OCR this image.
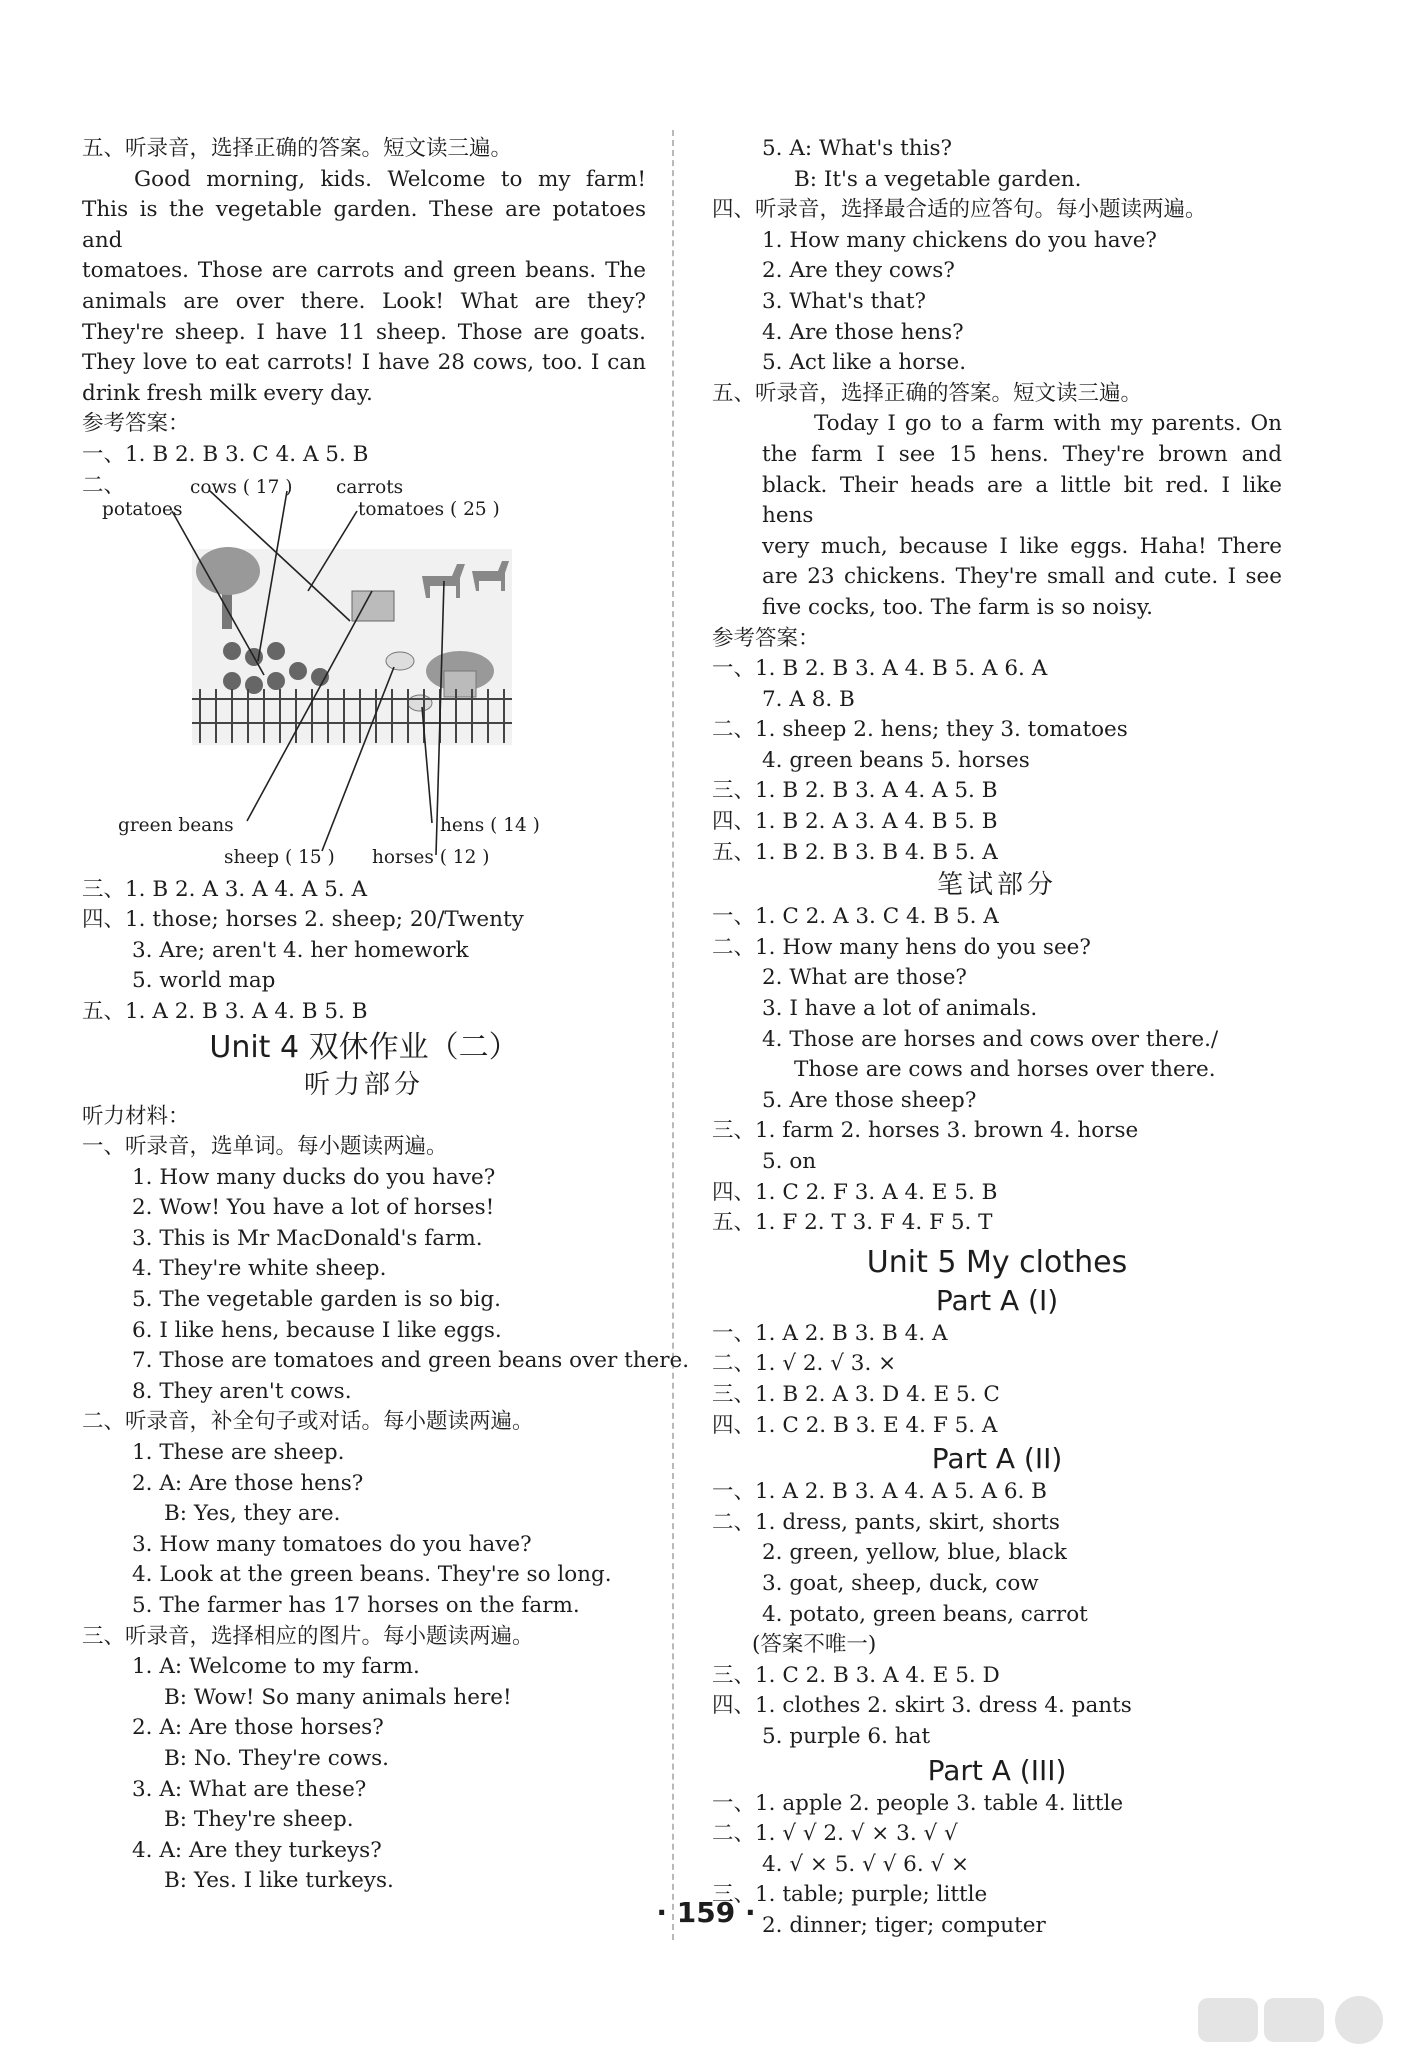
五、听录音，选择正确的答案。短文读三遍。
Good morning, kids. Welcome to my farm!
This is the vegetable garden. These are potatoes and
tomatoes. Those are carrots and green beans. The
animals are over there. Look! What are they?
They're sheep. I have 11 sheep. Those are goats.
They love to eat carrots! I have 28 cows, too. I can
drink fresh milk every day.
参考答案：
一、1. B 2. B 3. C 4. A 5. B
二、	cows ( 17 ) carrots
potatoes	tomatoes ( 25 )
green beans	hens ( 14 )
sheep ( 15 ) horses ( 12 )
三、1. B 2. A 3. A 4. A 5. A
四、1. those; horses 2. sheep; 20/Twenty
3. Are; aren't 4. her homework
5. world map
五、1. A 2. B 3. A 4. B 5. B
Unit 4 双休作业（二）
听力部分
听力材料：
一、听录音，选单词。每小题读两遍。
1. How many ducks do you have?
2. Wow! You have a lot of horses!
3. This is Mr MacDonald's farm.
4. They're white sheep.
5. The vegetable garden is so big.
6. I like hens, because I like eggs.
7. Those are tomatoes and green beans over there.
8. They aren't cows.
二、听录音，补全句子或对话。每小题读两遍。
1. These are sheep.
2. A: Are those hens?
B: Yes, they are.
3. How many tomatoes do you have?
4. Look at the green beans. They're so long.
5. The farmer has 17 horses on the farm.
三、听录音，选择相应的图片。每小题读两遍。
1. A: Welcome to my farm.
B: Wow! So many animals here!
2. A: Are those horses?
B: No. They're cows.
3. A: What are these?
B: They're sheep.
4. A: Are they turkeys?
B: Yes. I like turkeys.
5. A: What's this?
B: It's a vegetable garden.
四、听录音，选择最合适的应答句。每小题读两遍。
1. How many chickens do you have?
2. Are they cows?
3. What's that?
4. Are those hens?
5. Act like a horse.
五、听录音，选择正确的答案。短文读三遍。
Today I go to a farm with my parents. On
the farm I see 15 hens. They're brown and
black. Their heads are a little bit red. I like hens
very much, because I like eggs. Haha! There
are 23 chickens. They're small and cute. I see
five cocks, too. The farm is so noisy.
参考答案：
一、1. B 2. B 3. A 4. B 5. A 6. A
7. A 8. B
二、1. sheep 2. hens; they 3. tomatoes
4. green beans 5. horses
三、1. B 2. B 3. A 4. A 5. B
四、1. B 2. A 3. A 4. B 5. B
五、1. B 2. B 3. B 4. B 5. A
笔试部分
一、1. C 2. A 3. C 4. B 5. A
二、1. How many hens do you see?
2. What are those?
3. I have a lot of animals.
4. Those are horses and cows over there./
Those are cows and horses over there.
5. Are those sheep?
三、1. farm 2. horses 3. brown 4. horse
5. on
四、1. C 2. F 3. A 4. E 5. B
五、1. F 2. T 3. F 4. F 5. T
Unit 5 My clothes
Part A (I)
一、1. A 2. B 3. B 4. A
二、1. √ 2. √ 3. ×
三、1. B 2. A 3. D 4. E 5. C
四、1. C 2. B 3. E 4. F 5. A
Part A (II)
一、1. A 2. B 3. A 4. A 5. A 6. B
二、1. dress, pants, skirt, shorts
2. green, yellow, blue, black
3. goat, sheep, duck, cow
4. potato, green beans, carrot
(答案不唯一)
三、1. C 2. B 3. A 4. E 5. D
四、1. clothes 2. skirt 3. dress 4. pants
5. purple 6. hat
Part A (III)
一、1. apple 2. people 3. table 4. little
二、1. √ √ 2. √ × 3. √ √
4. √ × 5. √ √ 6. √ ×
三、1. table; purple; little
2. dinner; tiger; computer
· 159 ·
